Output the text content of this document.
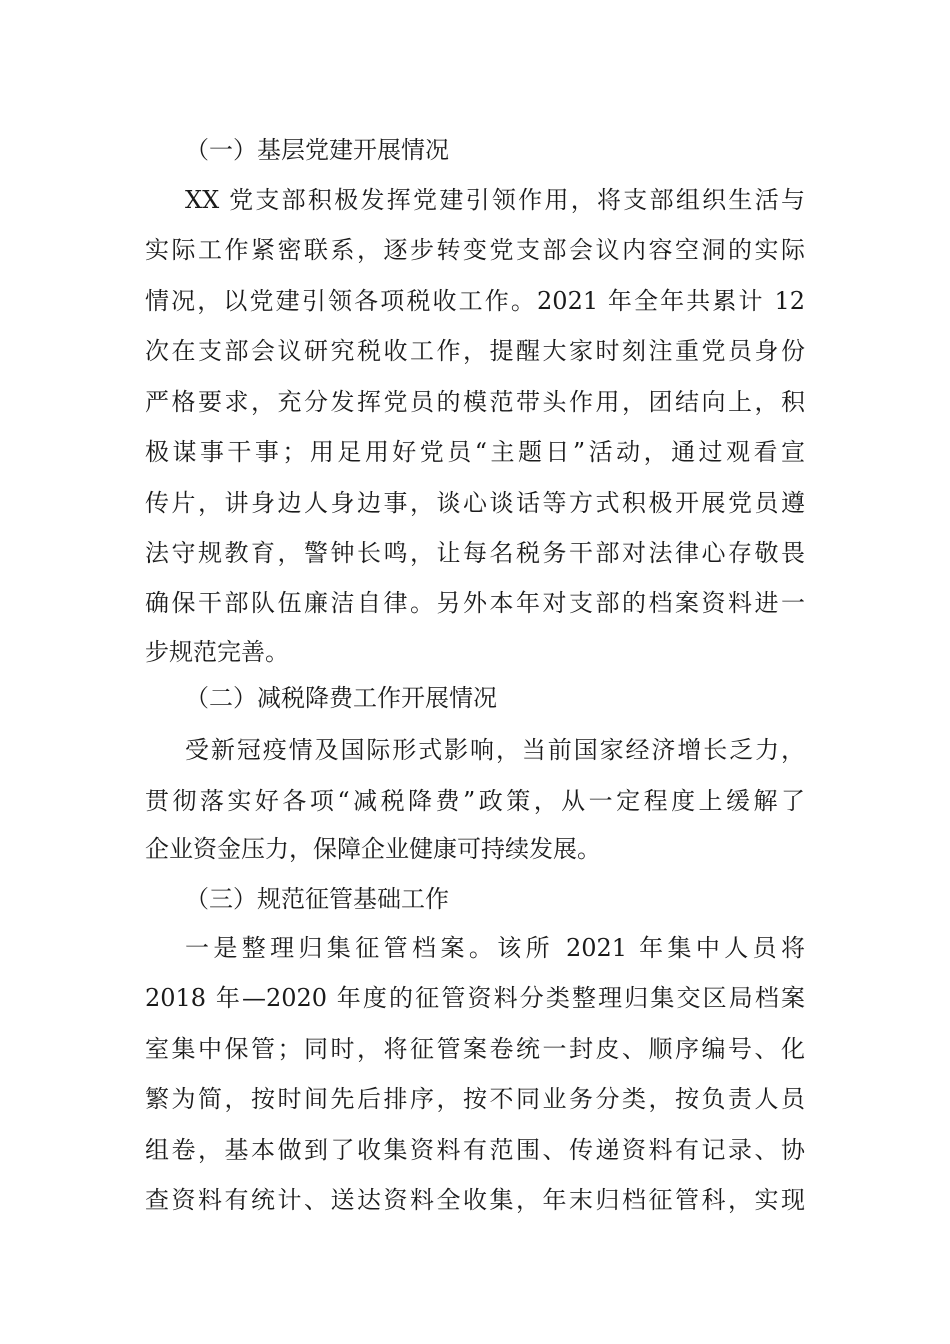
（一）基层党建开展情况
XX 党支部积极发挥党建引领作用，将支部组织生活与
实际工作紧密联系，逐步转变党支部会议内容空洞的实际
情况，以党建引领各项税收工作。2021 年全年共累计 12
次在支部会议研究税收工作，提醒大家时刻注重党员身份
严格要求，充分发挥党员的模范带头作用，团结向上，积
极谋事干事；用足用好党员“主题日”活动，通过观看宣
传片，讲身边人身边事，谈心谈话等方式积极开展党员遵
法守规教育，警钟长鸣，让每名税务干部对法律心存敬畏
确保干部队伍廉洁自律。另外本年对支部的档案资料进一
步规范完善。
（二）减税降费工作开展情况
受新冠疫情及国际形式影响，当前国家经济增长乏力，
贯彻落实好各项“减税降费”政策，从一定程度上缓解了
企业资金压力，保障企业健康可持续发展。
（三）规范征管基础工作
一是整理归集征管档案。该所 2021 年集中人员将
2018 年—2020 年度的征管资料分类整理归集交区局档案
室集中保管；同时，将征管案卷统一封皮、顺序编号、化
繁为简，按时间先后排序，按不同业务分类，按负责人员
组卷，基本做到了收集资料有范围、传递资料有记录、协
查资料有统计、送达资料全收集，年末归档征管科，实现
